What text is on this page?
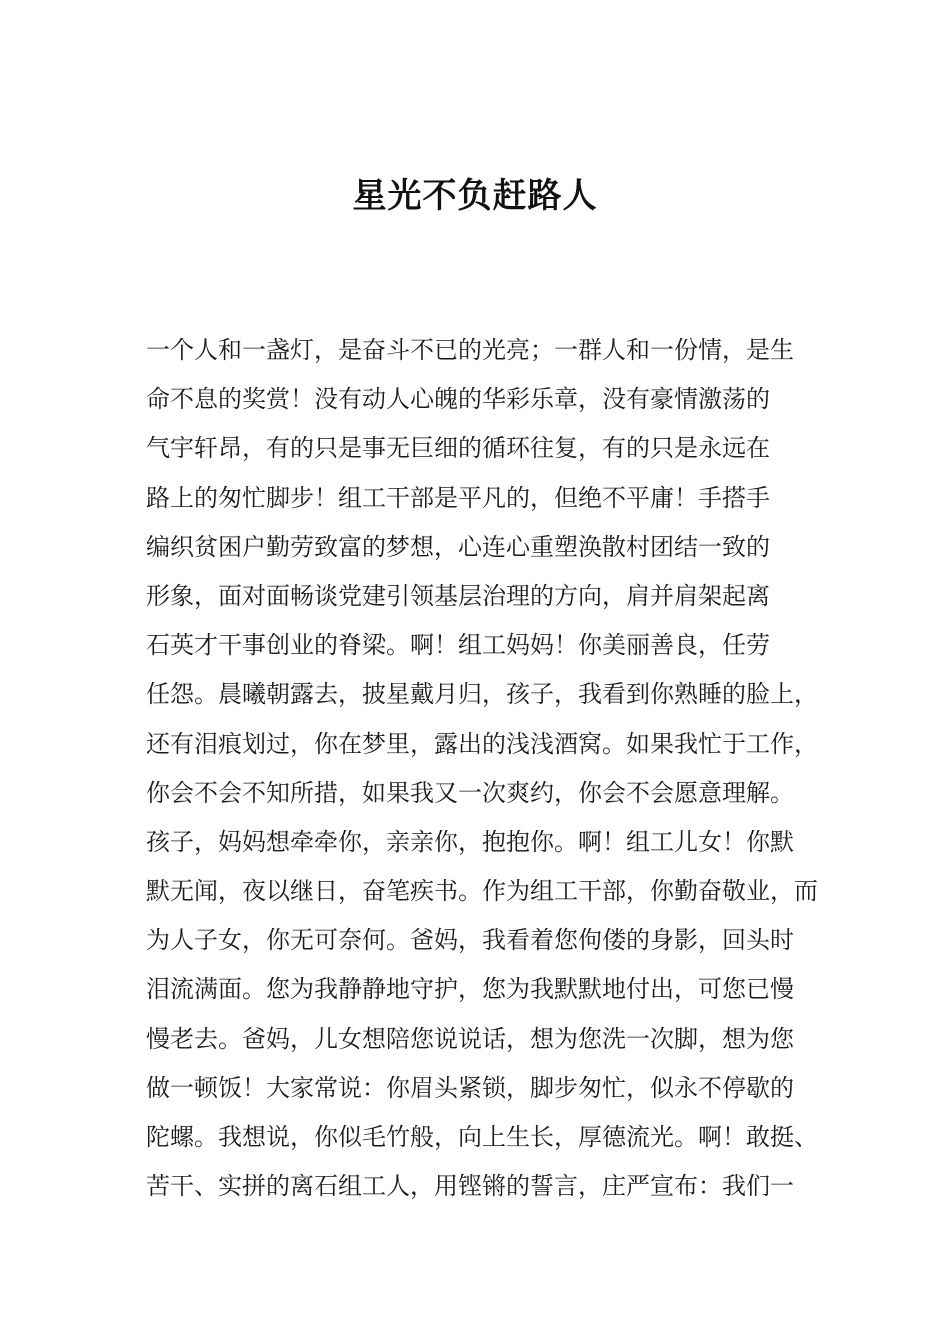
星光不负赶路人
一个人和一盏灯，是奋斗不已的光亮；一群人和一份情，是生
命不息的奖赏！没有动人心魄的华彩乐章，没有豪情激荡的
气宇轩昂，有的只是事无巨细的循环往复，有的只是永远在
路上的匆忙脚步！组工干部是平凡的，但绝不平庸！手搭手
编织贫困户勤劳致富的梦想，心连心重塑涣散村团结一致的
形象，面对面畅谈党建引领基层治理的方向，肩并肩架起离
石英才干事创业的脊梁。啊！组工妈妈！你美丽善良，任劳
任怨。晨曦朝露去，披星戴月归，孩子，我看到你熟睡的脸上，
还有泪痕划过，你在梦里，露出的浅浅酒窝。如果我忙于工作，
你会不会不知所措，如果我又一次爽约，你会不会愿意理解。
孩子，妈妈想牵牵你，亲亲你，抱抱你。啊！组工儿女！你默
默无闻，夜以继日，奋笔疾书。作为组工干部，你勤奋敬业，而
为人子女，你无可奈何。爸妈，我看着您佝偻的身影，回头时
泪流满面。您为我静静地守护，您为我默默地付出，可您已慢
慢老去。爸妈，儿女想陪您说说话，想为您洗一次脚，想为您
做一顿饭！大家常说：你眉头紧锁，脚步匆忙，似永不停歇的
陀螺。我想说，你似毛竹般，向上生长，厚德流光。啊！敢挺、
苦干、实拼的离石组工人，用铿锵的誓言，庄严宣布：我们一
